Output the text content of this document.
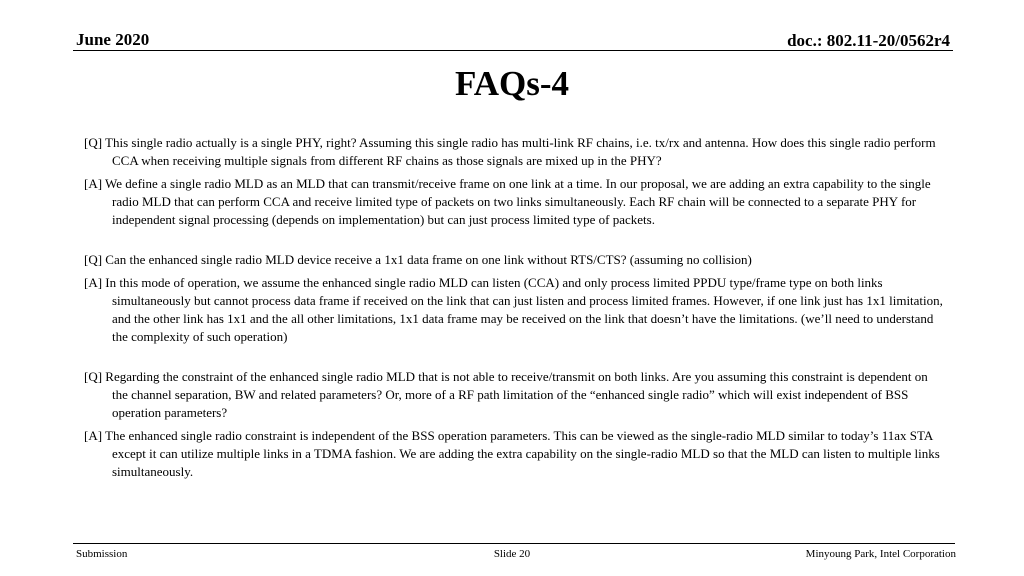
June 2020	doc.: 802.11-20/0562r4
FAQs-4

[Q] This single radio actually is a single PHY, right? Assuming this single radio has multi-link RF chains, i.e. tx/rx and antenna. How does this single radio perform CCA when receiving multiple signals from different RF chains as those signals are mixed up in the PHY?

[A] We define a single radio MLD as an MLD that can transmit/receive frame on one link at a time. In our proposal, we are adding an extra capability to the single radio MLD that can perform CCA and receive limited type of packets on two links simultaneously. Each RF chain will be connected to a separate PHY for independent signal processing (depends on implementation) but can just process limited type of packets.

[Q] Can the enhanced single radio MLD device receive a 1x1 data frame on one link without RTS/CTS? (assuming no collision)

[A] In this mode of operation, we assume the enhanced single radio MLD can listen (CCA) and only process limited PPDU type/frame type on both links simultaneously but cannot process data frame if received on the link that can just listen and process limited frames. However, if one link just has 1x1 limitation, and the other link has 1x1 and the all other limitations, 1x1 data frame may be received on the link that doesn’t have the limitations. (we’ll need to understand the complexity of such operation)

[Q] Regarding the constraint of the enhanced single radio MLD that is not able to receive/transmit on both links. Are you assuming this constraint is dependent on the channel separation, BW and related parameters? Or, more of a RF path limitation of the “enhanced single radio” which will exist independent of BSS operation parameters?

[A] The enhanced single radio constraint is independent of the BSS operation parameters. This can be viewed as the single-radio MLD similar to today’s 11ax STA except it can utilize multiple links in a TDMA fashion. We are adding the extra capability on the single-radio MLD so that the MLD can listen to multiple links simultaneously.

Submission	Slide 20	Minyoung Park, Intel Corporation
